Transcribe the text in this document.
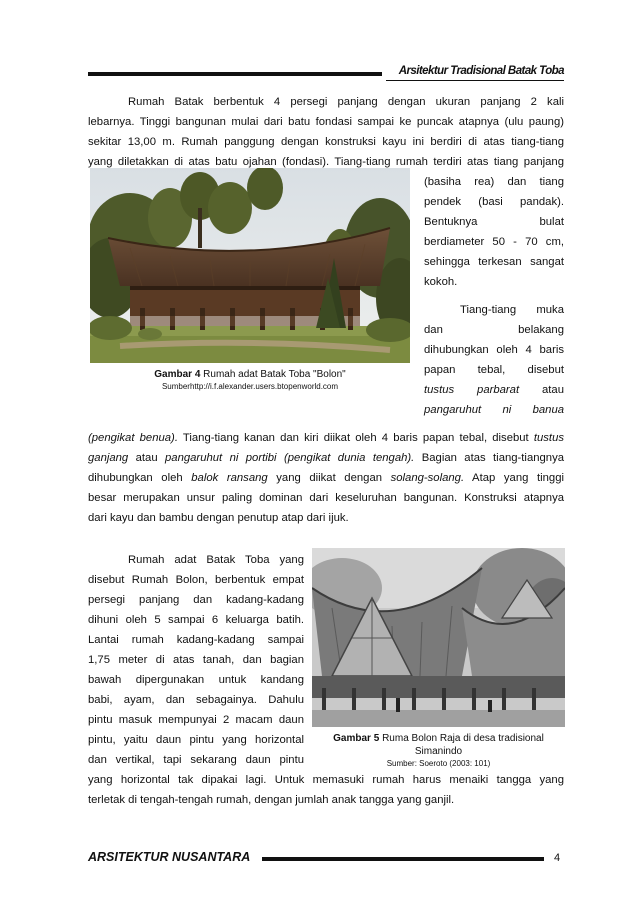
Arsitektur Tradisional Batak Toba

Rumah Batak berbentuk 4 persegi panjang dengan ukuran panjang 2 kali

lebarnya. Tinggi bangunan mulai dari batu fondasi sampai ke puncak atapnya (ulu paung)

sekitar 13,00 m. Rumah panggung dengan konstruksi kayu ini berdiri di atas tiang-tiang

yang diletakkan di atas batu ojahan (fondasi). Tiang-tiang rumah terdiri atas tiang panjang

Gambar 4 Rumah adat Batak Toba "Bolon"
Sumberhttp://i.f.alexander.users.btopenworld.com

(basiha rea) dan tiang

pendek (basi pandak).

Bentuknya bulat

berdiameter 50 - 70 cm,

sehingga terkesan sangat

kokoh.

Tiang-tiang muka

dan belakang

dihubungkan oleh 4 baris

papan tebal, disebut

tustus parbarat atau

pangaruhut ni banua

(pengikat benua). Tiang-tiang kanan dan kiri diikat oleh 4 baris papan tebal, disebut tustus

ganjang atau pangaruhut ni portibi (pengikat dunia tengah). Bagian atas tiang-tiangnya

dihubungkan oleh balok ransang yang diikat dengan solang-solang. Atap yang tinggi

besar merupakan unsur paling dominan dari keseluruhan bangunan. Konstruksi atapnya

dari kayu dan bambu dengan penutup atap dari ijuk.

Rumah adat Batak Toba yang

disebut Rumah Bolon, berbentuk empat

persegi panjang dan kadang-kadang

dihuni oleh 5 sampai 6 keluarga batih.

Lantai rumah kadang-kadang sampai

1,75 meter di atas tanah, dan bagian

bawah dipergunakan untuk kandang

babi, ayam, dan sebagainya. Dahulu

pintu masuk mempunyai 2 macam daun

pintu, yaitu daun pintu yang horizontal

dan vertikal, tapi sekarang daun pintu

Gambar 5 Ruma Bolon Raja di desa tradisional Simanindo
Sumber: Soeroto (2003: 101)

yang horizontal tak dipakai lagi. Untuk memasuki rumah harus menaiki tangga yang

terletak di tengah-tengah rumah, dengan jumlah anak tangga yang ganjil.

ARSITEKTUR NUSANTARA	4
